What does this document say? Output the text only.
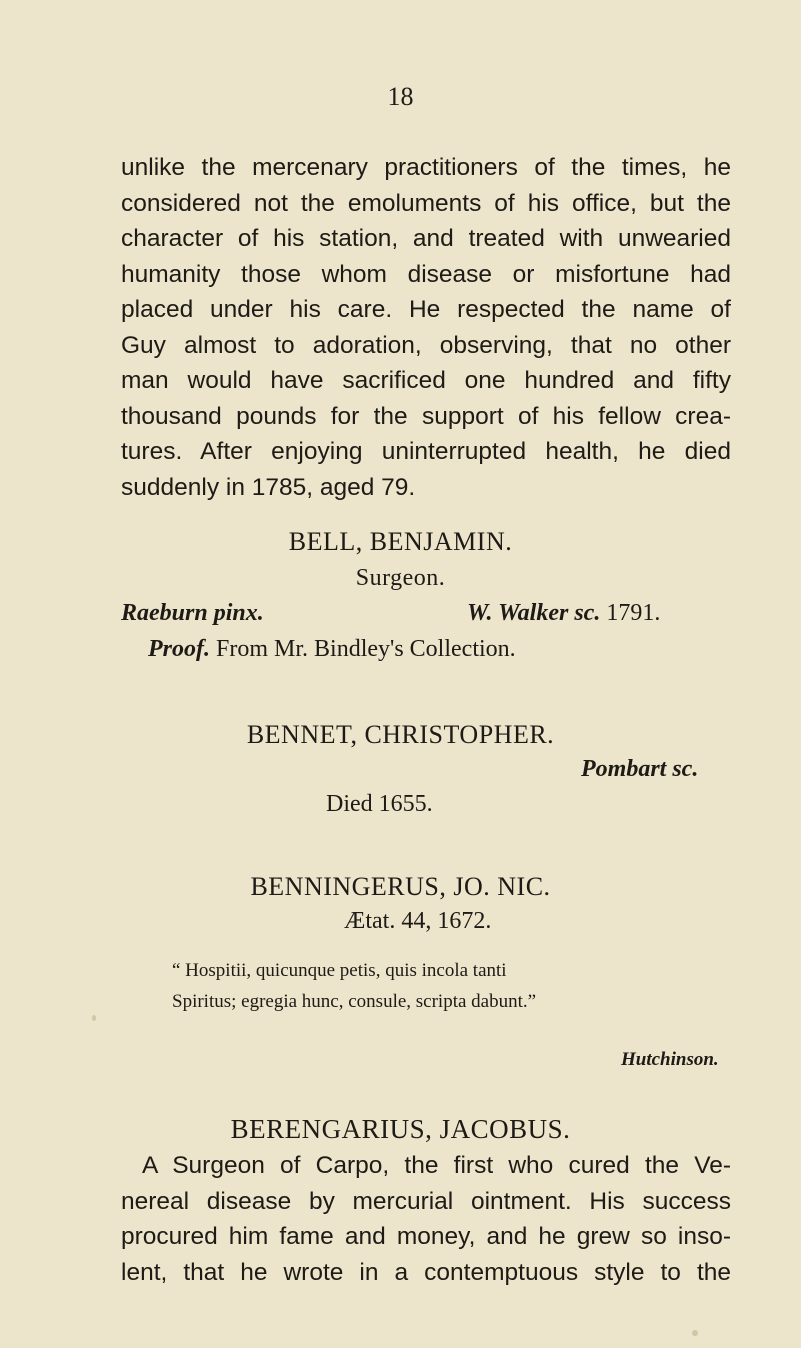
18
unlike the mercenary practitioners of the times, he
considered not the emoluments of his office, but the
character of his station, and treated with unwearied
humanity those whom disease or misfortune had
placed under his care. He respected the name of
Guy almost to adoration, observing, that no other
man would have sacrificed one hundred and fifty
thousand pounds for the support of his fellow crea-
tures. After enjoying uninterrupted health, he died
suddenly in 1785, aged 79.
BELL, BENJAMIN.
Surgeon.
Raeburn pinx.	W. Walker sc. 1791.
Proof. From Mr. Bindley's Collection.
BENNET, CHRISTOPHER.
Pombart sc.
Died 1655.
BENNINGERUS, JO. NIC.
Ætat. 44, 1672.
“ Hospitii, quicunque petis, quis incola tanti
Spiritus; egregia hunc, consule, scripta dabunt.”
Hutchinson.
BERENGARIUS, JACOBUS.
A Surgeon of Carpo, the first who cured the Ve-
nereal disease by mercurial ointment. His success
procured him fame and money, and he grew so inso-
lent, that he wrote in a contemptuous style to the
